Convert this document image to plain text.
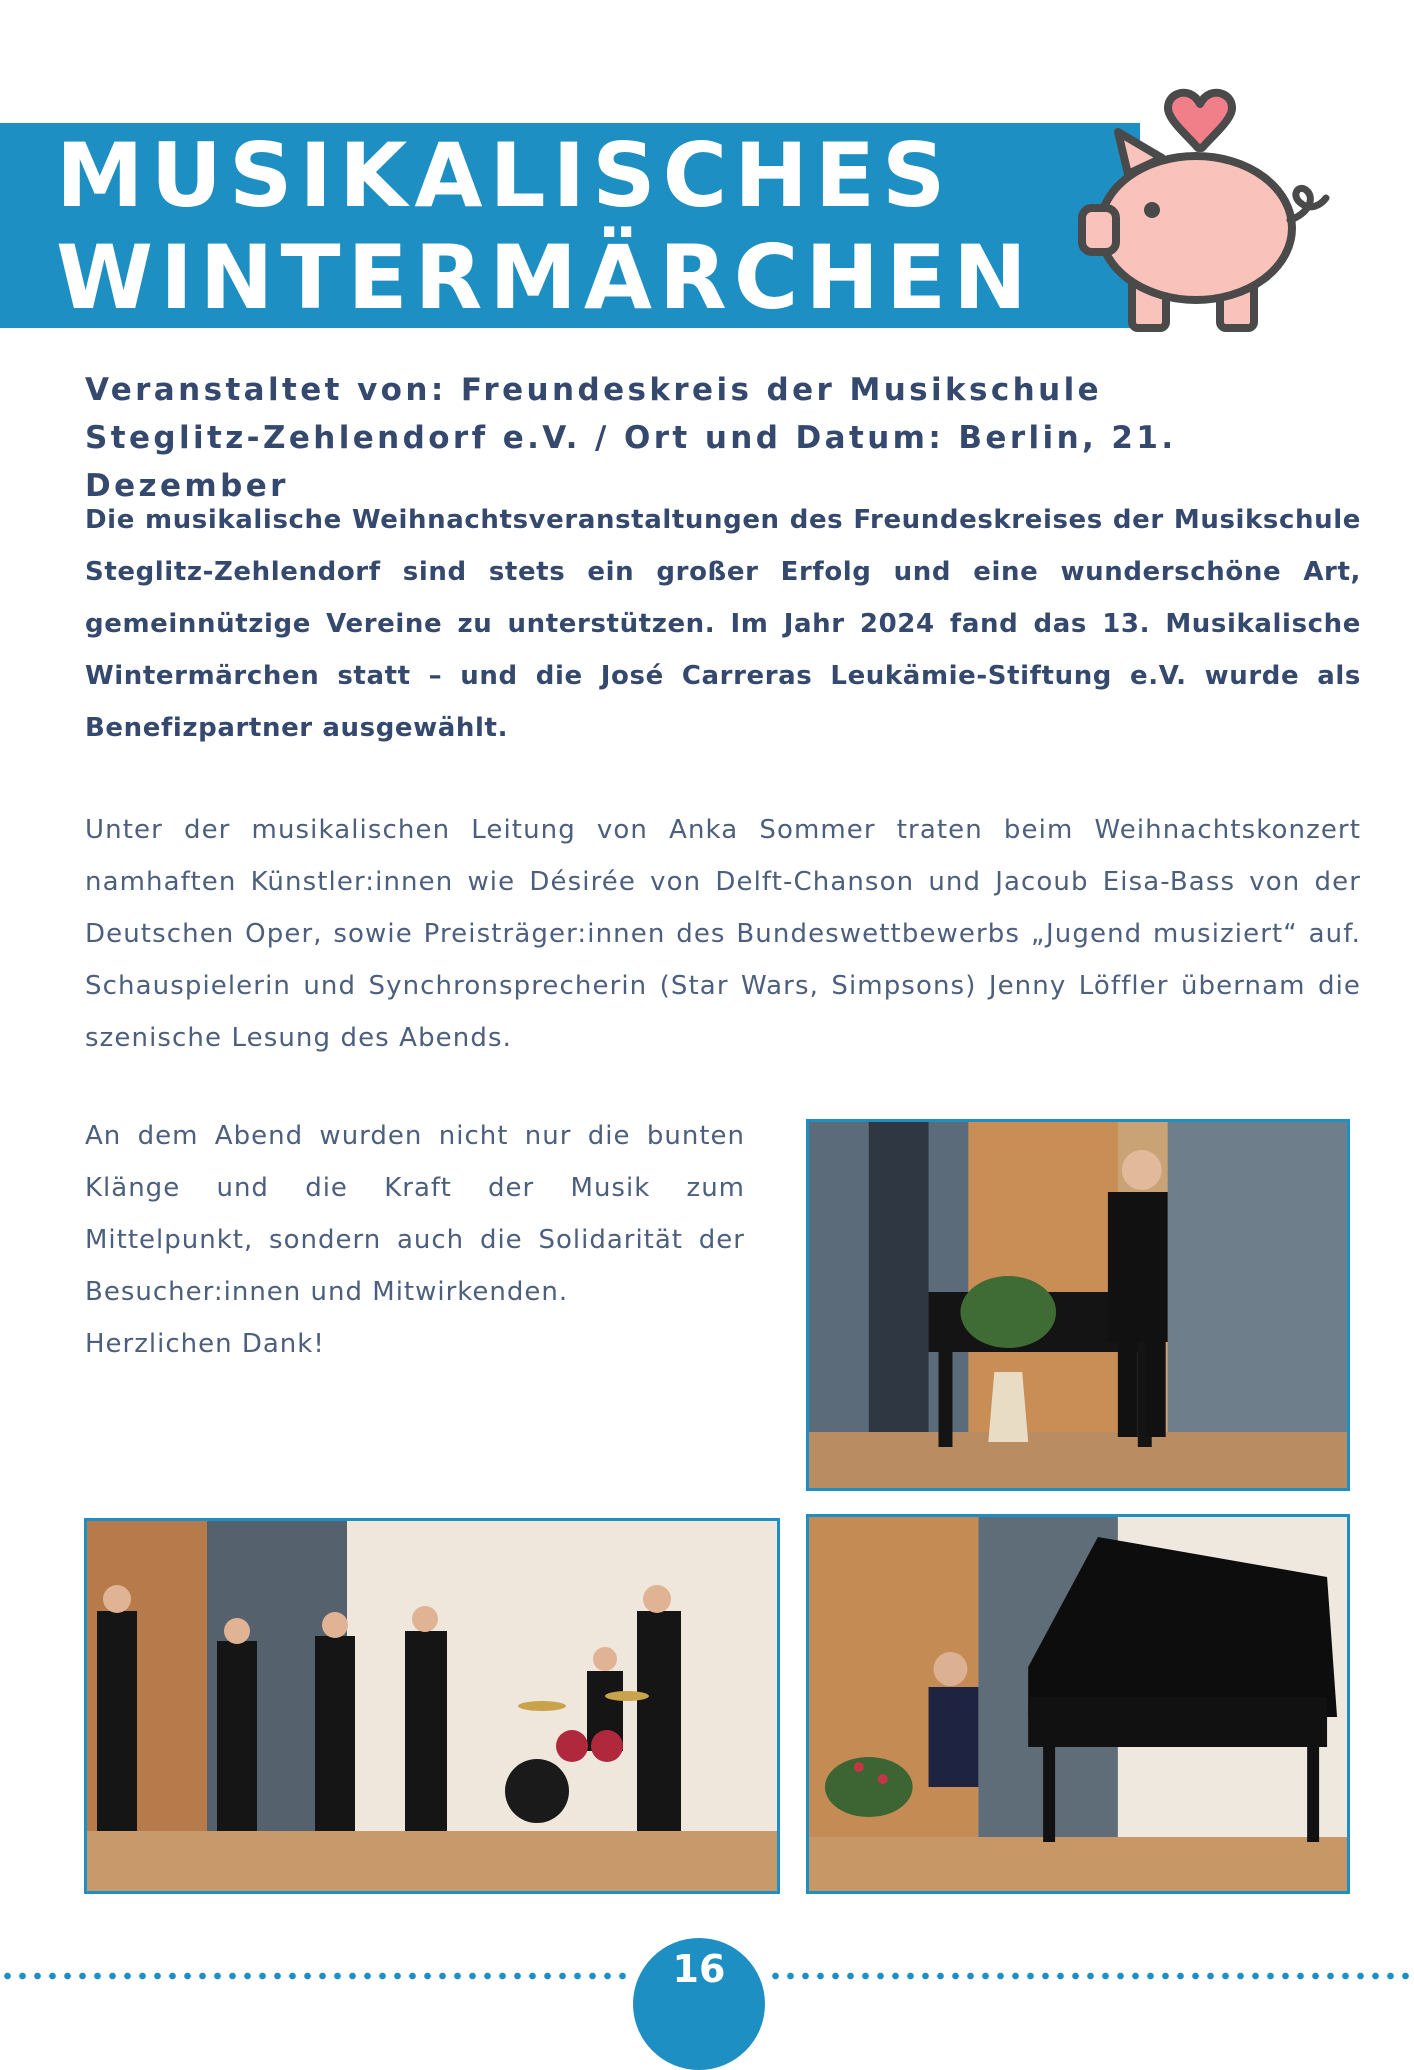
MUSIKALISCHES
WINTERMÄRCHEN
Veranstaltet von: Freundeskreis der Musikschule
Steglitz-Zehlendorf e.V. / Ort und Datum: Berlin, 21. Dezember

Die musikalische Weihnachtsveranstaltungen des Freundeskreises der Musikschule Steglitz-Zehlendorf sind stets ein großer Erfolg und eine wunderschöne Art, gemeinnützige Vereine zu unterstützen. Im Jahr 2024 fand das 13. Musikalische Wintermärchen statt – und die José Carreras Leukämie-Stiftung e.V. wurde als Benefizpartner ausgewählt.

Unter der musikalischen Leitung von Anka Sommer traten beim Weihnachtskonzert namhaften Künstler:innen wie Désirée von Delft-Chanson und Jacoub Eisa-Bass von der Deutschen Oper, sowie Preisträger:innen des Bundeswettbewerbs „Jugend musiziert“ auf. Schauspielerin und Synchronsprecherin (Star Wars, Simpsons) Jenny Löffler übernam die szenische Lesung des Abends.

An dem Abend wurden nicht nur die bunten
Klänge und die Kraft der Musik zum
Mittelpunkt, sondern auch die Solidarität der
Besucher:innen und Mitwirkenden.
Herzlichen Dank!
16
